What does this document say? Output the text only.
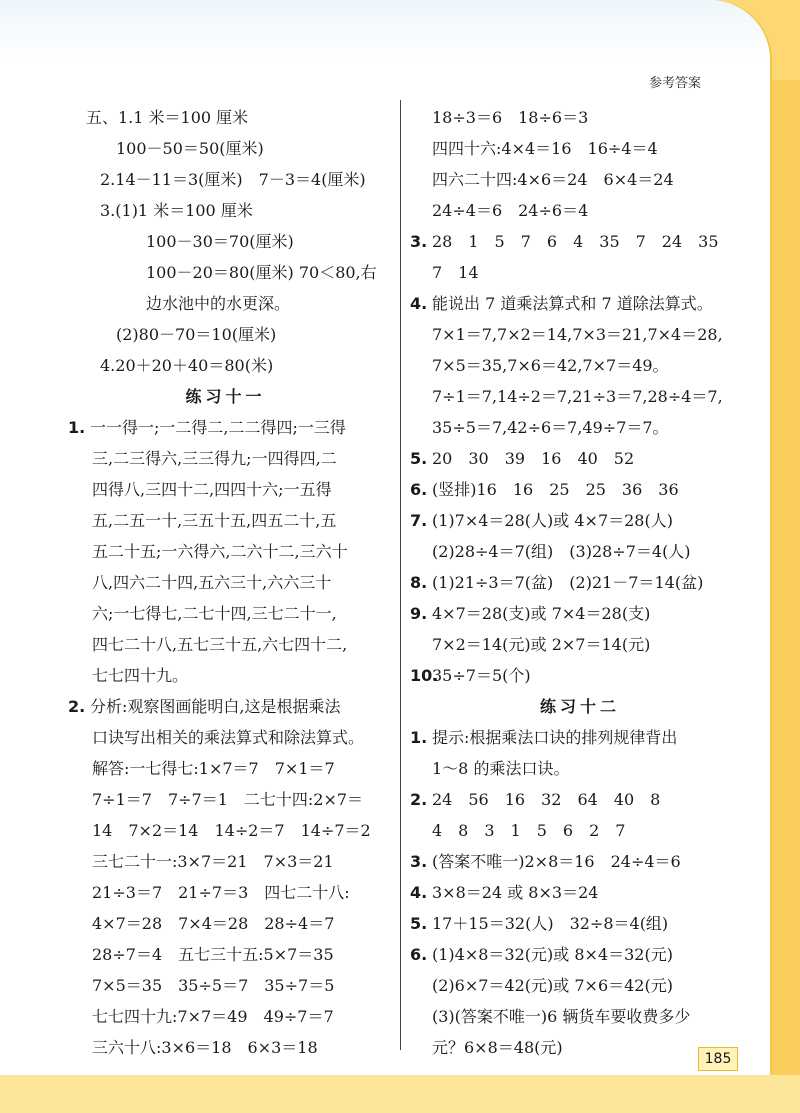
参考答案
五、1.1 米＝100 厘米
100－50＝50(厘米)
2.14－11＝3(厘米)　7－3＝4(厘米)
3.(1)1 米＝100 厘米
100－30＝70(厘米)
100－20＝80(厘米) 70＜80,右
边水池中的水更深。
(2)80－70＝10(厘米)
4.20＋20＋40＝80(米)
练习十一
1. 一一得一;一二得二,二二得四;一三得
三,二三得六,三三得九;一四得四,二
四得八,三四十二,四四十六;一五得
五,二五一十,三五十五,四五二十,五
五二十五;一六得六,二六十二,三六十
八,四六二十四,五六三十,六六三十
六;一七得七,二七十四,三七二十一,
四七二十八,五七三十五,六七四十二,
七七四十九。
2. 分析:观察图画能明白,这是根据乘法
口诀写出相关的乘法算式和除法算式。
解答:一七得七:1×7＝7　7×1＝7
7÷1＝7　7÷7＝1　二七十四:2×7＝
14　7×2＝14　14÷2＝7　14÷7＝2
三七二十一:3×7＝21　7×3＝21
21÷3＝7　21÷7＝3　四七二十八:
4×7＝28　7×4＝28　28÷4＝7
28÷7＝4　五七三十五:5×7＝35
7×5＝35　35÷5＝7　35÷7＝5
七七四十九:7×7＝49　49÷7＝7
三六十八:3×6＝18　6×3＝18
18÷3＝6　18÷6＝3
四四十六:4×4＝16　16÷4＝4
四六二十四:4×6＝24　6×4＝24
24÷4＝6　24÷6＝4
3. 28　1　5　7　6　4　35　7　24　35
7　14
4. 能说出 7 道乘法算式和 7 道除法算式。
7×1＝7,7×2＝14,7×3＝21,7×4＝28,
7×5＝35,7×6＝42,7×7＝49。
7÷1＝7,14÷2＝7,21÷3＝7,28÷4＝7,
35÷5＝7,42÷6＝7,49÷7＝7。
5. 20　30　39　16　40　52
6. (竖排)16　16　25　25　36　36
7. (1)7×4＝28(人)或 4×7＝28(人)
(2)28÷4＝7(组)　(3)28÷7＝4(人)
8. (1)21÷3＝7(盆)　(2)21－7＝14(盆)
9. 4×7＝28(支)或 7×4＝28(支)
7×2＝14(元)或 2×7＝14(元)
10.35÷7＝5(个)
练习十二
1. 提示:根据乘法口诀的排列规律背出
1～8 的乘法口诀。
2. 24　56　16　32　64　40　8
4　8　3　1　5　6　2　7
3. (答案不唯一)2×8＝16　24÷4＝6
4. 3×8＝24 或 8×3＝24
5. 17＋15＝32(人)　32÷8＝4(组)
6. (1)4×8＝32(元)或 8×4＝32(元)
(2)6×7＝42(元)或 7×6＝42(元)
(3)(答案不唯一)6 辆货车要收费多少
元？6×8＝48(元)
185
